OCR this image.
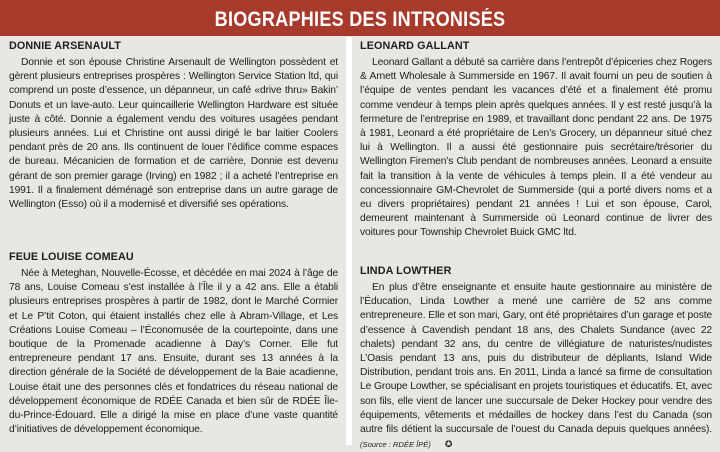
BIOGRAPHIES DES INTRONISÉS
DONNIE ARSENAULT

Donnie et son épouse Christine Arsenault de Wellington possèdent et gèrent plusieurs entreprises prospères : Wellington Service Station ltd, qui comprend un poste d’essence, un dépanneur, un café «drive thru» Bakin’ Donuts et un lave-auto. Leur quincaillerie Wellington Hardware est située juste à côté. Donnie a également vendu des voitures usagées pendant plusieurs années. Lui et Christine ont aussi dirigé le bar laitier Coolers pendant près de 20 ans. Ils continuent de louer l’édifice comme espaces de bureau. Mécanicien de formation et de carrière, Donnie est devenu gérant de son premier garage (Irving) en 1982 ; il a acheté l’entreprise en 1991. Il a finalement déménagé son entreprise dans un autre garage de Wellington (Esso) où il a modernisé et diversifié ses opérations.

FEUE LOUISE COMEAU

Née à Meteghan, Nouvelle-Écosse, et décédée en mai 2024 à l’âge de 78 ans, Louise Comeau s’est installée à l’Île il y a 42 ans. Elle a établi plusieurs entreprises prospères à partir de 1982, dont le Marché Cormier et Le P’tit Coton, qui étaient installés chez elle à Abram-Village, et Les Créations Louise Comeau – l’Économusée de la courtepointe, dans une boutique de la Promenade acadienne à Day’s Corner. Elle fut entrepreneure pendant 17 ans. Ensuite, durant ses 13 années à la direction générale de la Société de développement de la Baie acadienne, Louise était une des personnes clés et fondatrices du réseau national de développement économique de RDÉE Canada et bien sûr de RDÉE Île-du-Prince-Édouard. Elle a dirigé la mise en place d’une vaste quantité d’initiatives de développement économique.

LEONARD GALLANT

Leonard Gallant a débuté sa carrière dans l’entrepôt d’épiceries chez Rogers & Arnett Wholesale à Summerside en 1967. Il avait fourni un peu de soutien à l’équipe de ventes pendant les vacances d’été et a finalement été promu comme vendeur à temps plein après quelques années. Il y est resté jusqu’à la fermeture de l’entreprise en 1989, et travaillant donc pendant 22 ans. De 1975 à 1981, Leonard a été propriétaire de Len’s Grocery, un dépanneur situé chez lui à Wellington. Il a aussi été gestionnaire puis secrétaire/trésorier du Wellington Firemen’s Club pendant de nombreuses années. Leonard a ensuite fait la transition à la vente de véhicules à temps plein. Il a été vendeur au concessionnaire GM-Chevrolet de Summerside (qui a porté divers noms et a eu divers propriétaires) pendant 21 années ! Lui et son épouse, Carol, demeurent maintenant à Summerside où Leonard continue de livrer des voitures pour Township Chevrolet Buick GMC ltd.

LINDA LOWTHER

En plus d’être enseignante et ensuite haute gestionnaire au ministère de l’Éducation, Linda Lowther a mené une carrière de 52 ans comme entrepreneure. Elle et son mari, Gary, ont été propriétaires d’un garage et poste d’essence à Cavendish pendant 18 ans, des Chalets Sundance (avec 22 chalets) pendant 32 ans, du centre de villégiature de naturistes/nudistes L’Oasis pendant 13 ans, puis du distributeur de dépliants, Island Wide Distribution, pendant trois ans. En 2011, Linda a lancé sa firme de consultation Le Groupe Lowther, se spécialisant en projets touristiques et éducatifs. Et, avec son fils, elle vient de lancer une succursale de Deker Hockey pour vendre des équipements, vêtements et médailles de hockey dans l’est du Canada (son autre fils détient la succursale de l’ouest du Canada depuis quelques années). (Source : RDÉE ÎPÉ) ✪
